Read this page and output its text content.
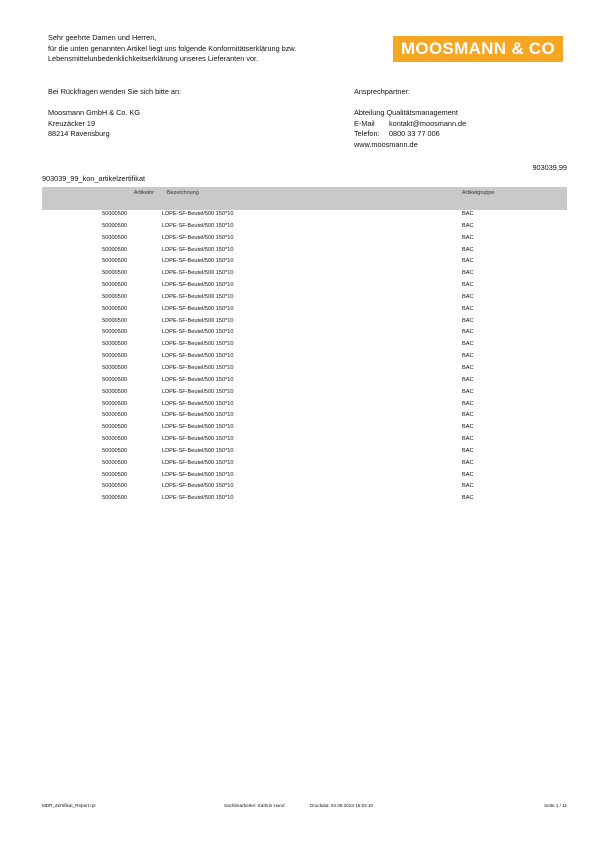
Sehr geehrte Damen und Herren,
für die unten genannten Artikel liegt uns folgende Konformitätserklärung bzw.
Lebensmittelunbedenklichkeitserklärung unseres Lieferanten vor.
MOOSMANN & CO
Bei Rückfragen wenden Sie sich bitte an:
Moosmann GmbH & Co. KG
Kreuzäcker 19
88214 Ravensburg
Ansprechpartner:
Abteilung Qualitätsmanagement
E-Mail	kontakt@moosmann.de
Telefon:	0800 33 77 006
www.moosmann.de
903039,99
903039_99_kon_artikelzertifikat
Artikelnr Bezeichnung	Artikelgruppe
50000500	LDPE-SF-Beutel/500 150*10	BAC
50000500	LDPE-SF-Beutel/500 150*10	BAC
50000500	LDPE-SF-Beutel/500 150*10	BAC
50000500	LDPE-SF-Beutel/500 150*10	BAC
50000500	LDPE-SF-Beutel/500 150*10	BAC
50000500	LDPE-SF-Beutel/500 150*10	BAC
50000500	LDPE-SF-Beutel/500 150*10	BAC
50000500	LDPE-SF-Beutel/500 150*10	BAC
50000500	LDPE-SF-Beutel/500 150*10	BAC
50000500	LDPE-SF-Beutel/500 150*10	BAC
50000500	LDPE-SF-Beutel/500 150*10	BAC
50000500	LDPE-SF-Beutel/500 150*10	BAC
50000500	LDPE-SF-Beutel/500 150*10	BAC
50000500	LDPE-SF-Beutel/500 150*10	BAC
50000500	LDPE-SF-Beutel/500 150*10	BAC
50000500	LDPE-SF-Beutel/500 150*10	BAC
50000500	LDPE-SF-Beutel/500 150*10	BAC
50000500	LDPE-SF-Beutel/500 150*10	BAC
50000500	LDPE-SF-Beutel/500 150*10	BAC
50000500	LDPE-SF-Beutel/500 150*10	BAC
50000500	LDPE-SF-Beutel/500 150*10	BAC
50000500	LDPE-SF-Beutel/500 150*10	BAC
50000500	LDPE-SF-Beutel/500 150*10	BAC
50000500	LDPE-SF-Beutel/500 150*10	BAC
50000500	LDPE-SF-Beutel/500 150*10	BAC
MDR_Zertifikat_Report.rpt	Sachbearbeiter: Kathrin Hund	Druckdat: 04.09.2023 15:03:10	Seite 1 / 11
